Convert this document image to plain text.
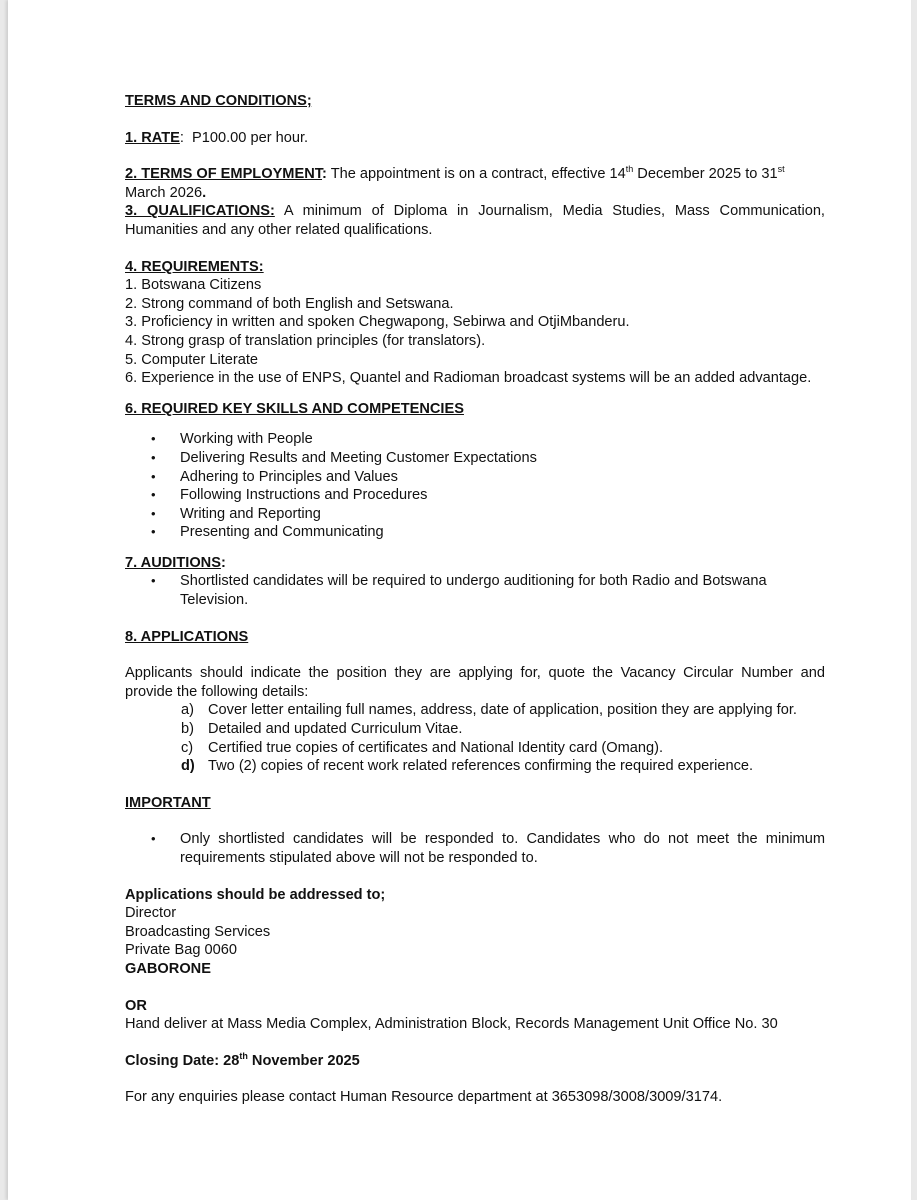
TERMS AND CONDITIONS;

1. RATE: P100.00 per hour.

2. TERMS OF EMPLOYMENT: The appointment is on a contract, effective 14th December 2025 to 31st
March 2026.

3. QUALIFICATIONS: A minimum of Diploma in Journalism, Media Studies, Mass Communication, Humanities and any other related qualifications.

4. REQUIREMENTS:

1. Botswana Citizens

2. Strong command of both English and Setswana.

3. Proficiency in written and spoken Chegwapong, Sebirwa and OtjiMbanderu.

4. Strong grasp of translation principles (for translators).

5. Computer Literate

6. Experience in the use of ENPS, Quantel and Radioman broadcast systems will be an added advantage.

6. REQUIRED KEY SKILLS AND COMPETENCIES

• Working with People
• Delivering Results and Meeting Customer Expectations
• Adhering to Principles and Values
• Following Instructions and Procedures
• Writing and Reporting
• Presenting and Communicating

7. AUDITIONS:

• Shortlisted candidates will be required to undergo auditioning for both Radio and Botswana Television.

8. APPLICATIONS

Applicants should indicate the position they are applying for, quote the Vacancy Circular Number and provide the following details:

a) Cover letter entailing full names, address, date of application, position they are applying for.
b) Detailed and updated Curriculum Vitae.
c) Certified true copies of certificates and National Identity card (Omang).
d) Two (2) copies of recent work related references confirming the required experience.

IMPORTANT

• Only shortlisted candidates will be responded to. Candidates who do not meet the minimum requirements stipulated above will not be responded to.

Applications should be addressed to;

Director

Broadcasting Services

Private Bag 0060

GABORONE

OR

Hand deliver at Mass Media Complex, Administration Block, Records Management Unit Office No. 30

Closing Date: 28th November 2025

For any enquiries please contact Human Resource department at 3653098/3008/3009/3174.
